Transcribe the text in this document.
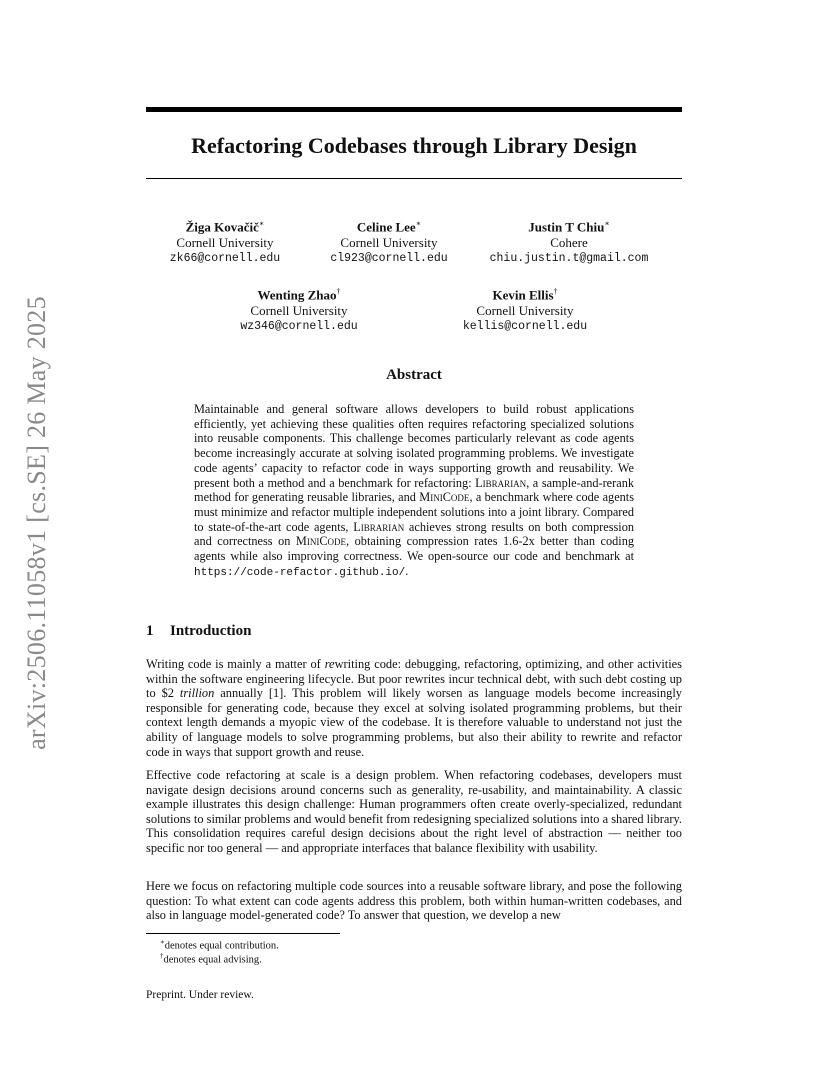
arXiv:2506.11058v1 [cs.SE] 26 May 2025
Refactoring Codebases through Library Design
Žiga Kovačič∗
Cornell University
zk66@cornell.edu
Celine Lee∗
Cornell University
cl923@cornell.edu
Justin T Chiu∗
Cohere
chiu.justin.t@gmail.com
Wenting Zhao†
Cornell University
wz346@cornell.edu
Kevin Ellis†
Cornell University
kellis@cornell.edu
Abstract

Maintainable and general software allows developers to build robust applications efficiently, yet achieving these qualities often requires refactoring specialized solutions into reusable components. This challenge becomes particularly relevant as code agents become increasingly accurate at solving isolated programming problems. We investigate code agents’ capacity to refactor code in ways supporting growth and reusability. We present both a method and a benchmark for refactoring: Librarian, a sample-and-rerank method for generating reusable libraries, and MiniCode, a benchmark where code agents must minimize and refactor multiple independent solutions into a joint library. Compared to state-of-the-art code agents, Librarian achieves strong results on both compression and correctness on MiniCode, obtaining compression rates 1.6-2x better than coding agents while also improving correctness. We open-source our code and benchmark at https://code-refactor.github.io/.

1 Introduction

Writing code is mainly a matter of rewriting code: debugging, refactoring, optimizing, and other activities within the software engineering lifecycle. But poor rewrites incur technical debt, with such debt costing up to $2 trillion annually [1]. This problem will likely worsen as language models become increasingly responsible for generating code, because they excel at solving isolated programming problems, but their context length demands a myopic view of the codebase. It is therefore valuable to understand not just the ability of language models to solve programming problems, but also their ability to rewrite and refactor code in ways that support growth and reuse.

Effective code refactoring at scale is a design problem. When refactoring codebases, developers must navigate design decisions around concerns such as generality, re-usability, and maintainability. A classic example illustrates this design challenge: Human programmers often create overly-specialized, redundant solutions to similar problems and would benefit from redesigning specialized solutions into a shared library. This consolidation requires careful design decisions about the right level of abstraction — neither too specific nor too general — and appropriate interfaces that balance flexibility with usability.

Here we focus on refactoring multiple code sources into a reusable software library, and pose the following question: To what extent can code agents address this problem, both within human-written codebases, and also in language model-generated code? To answer that question, we develop a new

∗denotes equal contribution.

†denotes equal advising.

Preprint. Under review.
